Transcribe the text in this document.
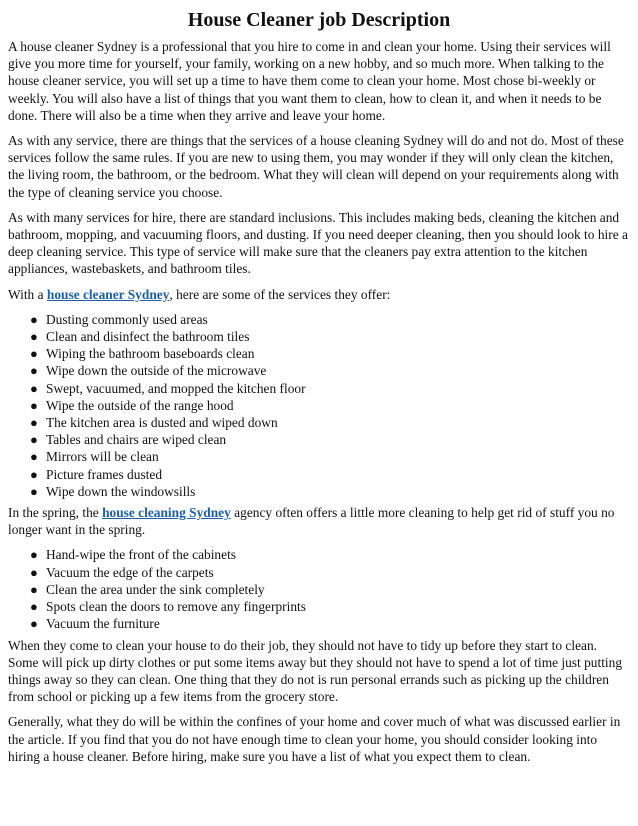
House Cleaner job Description

A house cleaner Sydney is a professional that you hire to come in and clean your home. Using their services will give you more time for yourself, your family, working on a new hobby, and so much more. When talking to the house cleaner service, you will set up a time to have them come to clean your home. Most chose bi-weekly or weekly. You will also have a list of things that you want them to clean, how to clean it, and when it needs to be done. There will also be a time when they arrive and leave your home.

As with any service, there are things that the services of a house cleaning Sydney will do and not do. Most of these services follow the same rules. If you are new to using them, you may wonder if they will only clean the kitchen, the living room, the bathroom, or the bedroom. What they will clean will depend on your requirements along with the type of cleaning service you choose.

As with many services for hire, there are standard inclusions. This includes making beds, cleaning the kitchen and bathroom, mopping, and vacuuming floors, and dusting. If you need deeper cleaning, then you should look to hire a deep cleaning service. This type of service will make sure that the cleaners pay extra attention to the kitchen appliances, wastebaskets, and bathroom tiles.

With a house cleaner Sydney, here are some of the services they offer:

● Dusting commonly used areas
● Clean and disinfect the bathroom tiles
● Wiping the bathroom baseboards clean
● Wipe down the outside of the microwave
● Swept, vacuumed, and mopped the kitchen floor
● Wipe the outside of the range hood
● The kitchen area is dusted and wiped down
● Tables and chairs are wiped clean
● Mirrors will be clean
● Picture frames dusted
● Wipe down the windowsills

In the spring, the house cleaning Sydney agency often offers a little more cleaning to help get rid of stuff you no longer want in the spring.

● Hand-wipe the front of the cabinets
● Vacuum the edge of the carpets
● Clean the area under the sink completely
● Spots clean the doors to remove any fingerprints
● Vacuum the furniture

When they come to clean your house to do their job, they should not have to tidy up before they start to clean. Some will pick up dirty clothes or put some items away but they should not have to spend a lot of time just putting things away so they can clean. One thing that they do not is run personal errands such as picking up the children from school or picking up a few items from the grocery store.

Generally, what they do will be within the confines of your home and cover much of what was discussed earlier in the article. If you find that you do not have enough time to clean your home, you should consider looking into hiring a house cleaner. Before hiring, make sure you have a list of what you expect them to clean.
